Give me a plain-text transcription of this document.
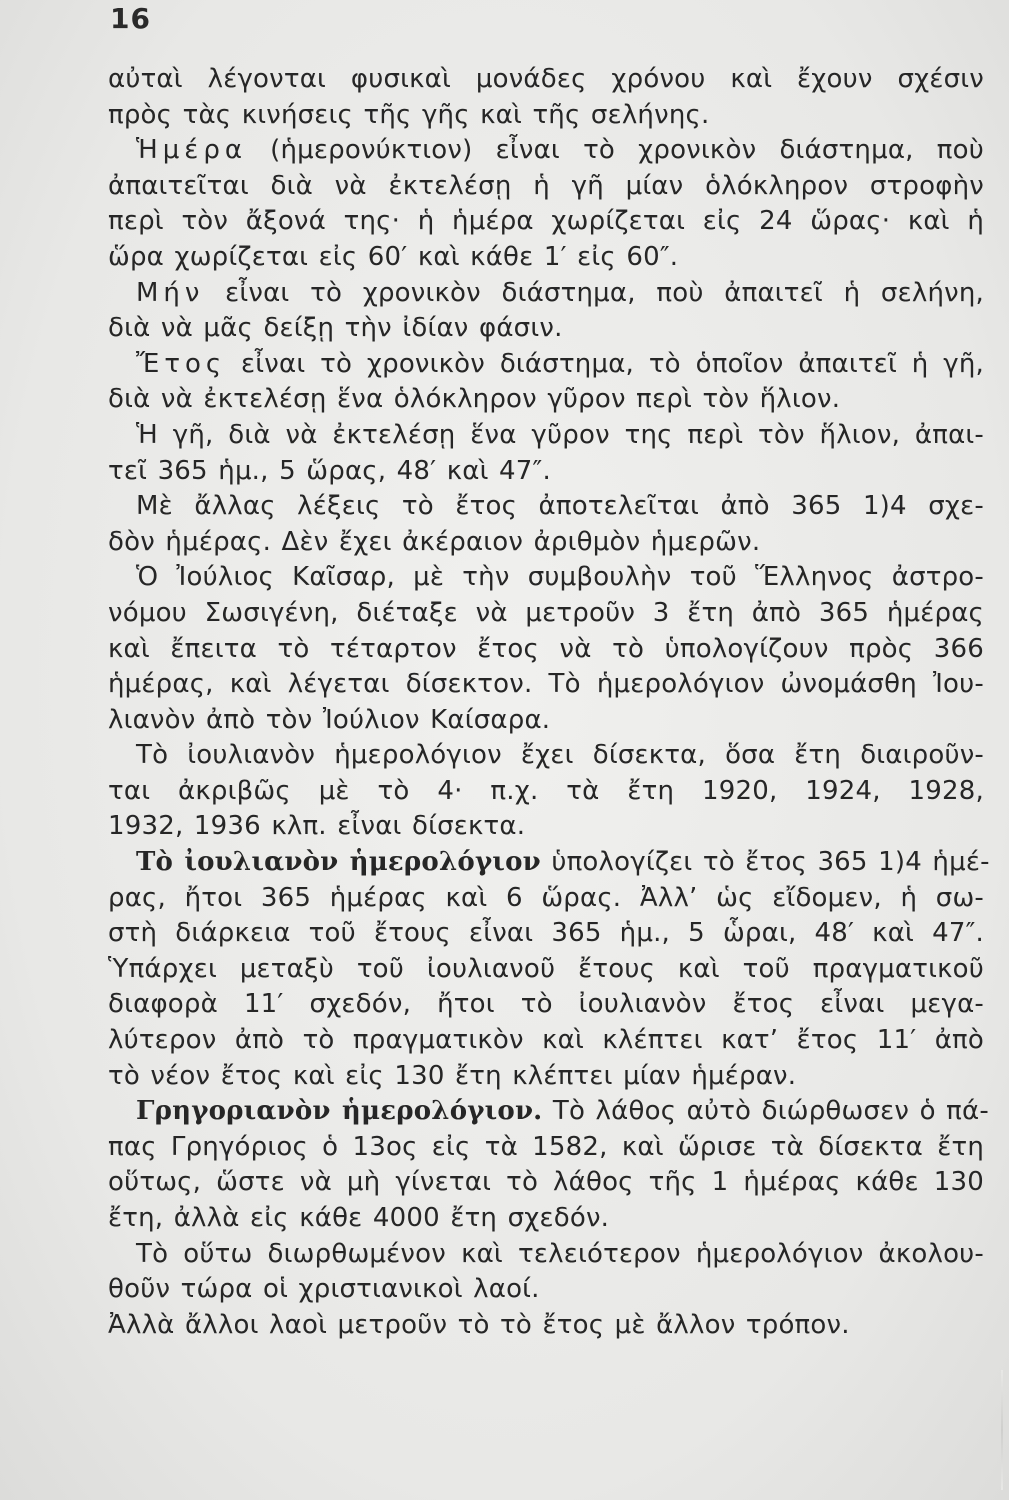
16
αὐταὶ λέγονται φυσικαὶ μονάδες χρόνου καὶ ἔχουν σχέσιν
πρὸς τὰς κινήσεις τῆς γῆς καὶ τῆς σελήνης.
Ἡμέρα (ἡμερονύκτιον) εἶναι τὸ χρονικὸν διάστημα, ποὺ
ἀπαιτεῖται διὰ νὰ ἐκτελέσῃ ἡ γῆ μίαν ὁλόκληρον στροφὴν
περὶ τὸν ἄξονά της· ἡ ἡμέρα χωρίζεται εἰς 24 ὥρας· καὶ ἡ
ὥρα χωρίζεται εἰς 60′ καὶ κάθε 1′ εἰς 60″.
Μήν εἶναι τὸ χρονικὸν διάστημα, ποὺ ἀπαιτεῖ ἡ σελήνη,
διὰ νὰ μᾶς δείξῃ τὴν ἰδίαν φάσιν.
Ἔτος εἶναι τὸ χρονικὸν διάστημα, τὸ ὁποῖον ἀπαιτεῖ ἡ γῆ,
διὰ νὰ ἐκτελέσῃ ἕνα ὁλόκληρον γῦρον περὶ τὸν ἥλιον.
Ἡ γῆ, διὰ νὰ ἐκτελέσῃ ἕνα γῦρον της περὶ τὸν ἥλιον, ἀπαι-
τεῖ 365 ἡμ., 5 ὥρας, 48′ καὶ 47″.
Μὲ ἄλλας λέξεις τὸ ἔτος ἀποτελεῖται ἀπὸ 365 1)4 σχε-
δὸν ἡμέρας. Δὲν ἔχει ἀκέραιον ἀριθμὸν ἡμερῶν.
Ὁ Ἰούλιος Καῖσαρ, μὲ τὴν συμβουλὴν τοῦ Ἕλληνος ἀστρο-
νόμου Σωσιγένη, διέταξε νὰ μετροῦν 3 ἔτη ἀπὸ 365 ἡμέρας
καὶ ἔπειτα τὸ τέταρτον ἔτος νὰ τὸ ὑπολογίζουν πρὸς 366
ἡμέρας, καὶ λέγεται δίσεκτον. Τὸ ἡμερολόγιον ὠνομάσθη Ἰου-
λιανὸν ἀπὸ τὸν Ἰούλιον Καίσαρα.
Τὸ ἰουλιανὸν ἡμερολόγιον ἔχει δίσεκτα, ὅσα ἔτη διαιροῦν-
ται ἀκριβῶς μὲ τὸ 4· π.χ. τὰ ἔτη 1920, 1924, 1928,
1932, 1936 κλπ. εἶναι δίσεκτα.
Τὸ ἰουλιανὸν ἡμερολόγιον ὑπολογίζει τὸ ἔτος 365 1)4 ἡμέ-
ρας, ἤτοι 365 ἡμέρας καὶ 6 ὥρας. Ἀλλ’ ὡς εἴδομεν, ἡ σω-
στὴ διάρκεια τοῦ ἔτους εἶναι 365 ἡμ., 5 ὧραι, 48′ καὶ 47″.
Ὑπάρχει μεταξὺ τοῦ ἰουλιανοῦ ἔτους καὶ τοῦ πραγματικοῦ
διαφορὰ 11′ σχεδόν, ἤτοι τὸ ἰουλιανὸν ἔτος εἶναι μεγα-
λύτερον ἀπὸ τὸ πραγματικὸν καὶ κλέπτει κατ’ ἔτος 11′ ἀπὸ
τὸ νέον ἔτος καὶ εἰς 130 ἔτη κλέπτει μίαν ἡμέραν.
Γρηγοριανὸν ἡμερολόγιον. Τὸ λάθος αὐτὸ διώρθωσεν ὁ πά-
πας Γρηγόριος ὁ 13ος εἰς τὰ 1582, καὶ ὥρισε τὰ δίσεκτα ἔτη
οὕτως, ὥστε νὰ μὴ γίνεται τὸ λάθος τῆς 1 ἡμέρας κάθε 130
ἔτη, ἀλλὰ εἰς κάθε 4000 ἔτη σχεδόν.
Τὸ οὕτω διωρθωμένον καὶ τελειότερον ἡμερολόγιον ἀκολου-
θοῦν τώρα οἱ χριστιανικοὶ λαοί.
Ἀλλὰ ἄλλοι λαοὶ μετροῦν τὸ τὸ ἔτος μὲ ἄλλον τρόπον.
